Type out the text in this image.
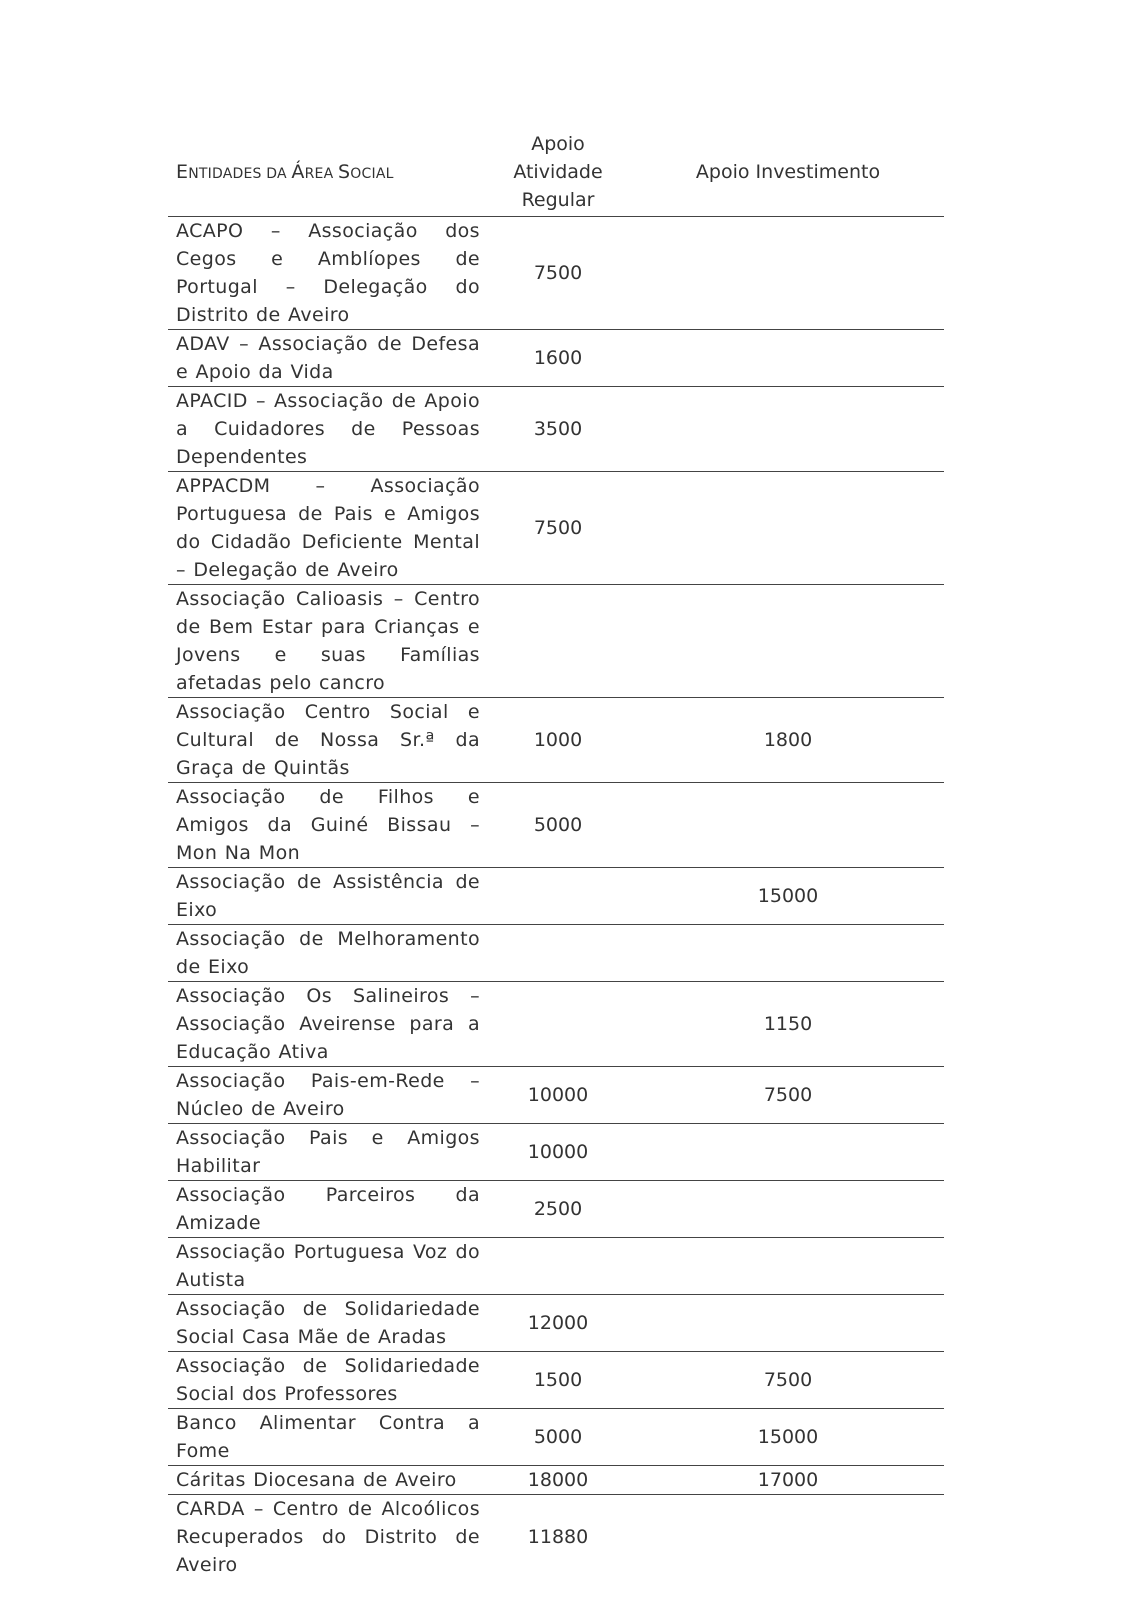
ENTIDADES DA ÁREA SOCIAL	Apoio Atividade Regular	Apoio Investimento
ACAPO – Associação dos Cegos e Amblíopes de Portugal – Delegação do Distrito de Aveiro	7500	
ADAV – Associação de Defesa e Apoio da Vida	1600	
APACID – Associação de Apoio a Cuidadores de Pessoas Dependentes	3500	
APPACDM – Associação Portuguesa de Pais e Amigos do Cidadão Deficiente Mental – Delegação de Aveiro	7500	
Associação Calioasis – Centro de Bem Estar para Crianças e Jovens e suas Famílias afetadas pelo cancro		
Associação Centro Social e Cultural de Nossa Sr.ª da Graça de Quintãs	1000	1800
Associação de Filhos e Amigos da Guiné Bissau – Mon Na Mon	5000	
Associação de Assistência de Eixo		15000
Associação de Melhoramento de Eixo		
Associação Os Salineiros – Associação Aveirense para a Educação Ativa		1150
Associação Pais-em-Rede – Núcleo de Aveiro	10000	7500
Associação Pais e Amigos Habilitar	10000	
Associação Parceiros da Amizade	2500	
Associação Portuguesa Voz do Autista		
Associação de Solidariedade Social Casa Mãe de Aradas	12000	
Associação de Solidariedade Social dos Professores	1500	7500
Banco Alimentar Contra a Fome	5000	15000
Cáritas Diocesana de Aveiro	18000	17000
CARDA – Centro de Alcoólicos Recuperados do Distrito de Aveiro	11880	
